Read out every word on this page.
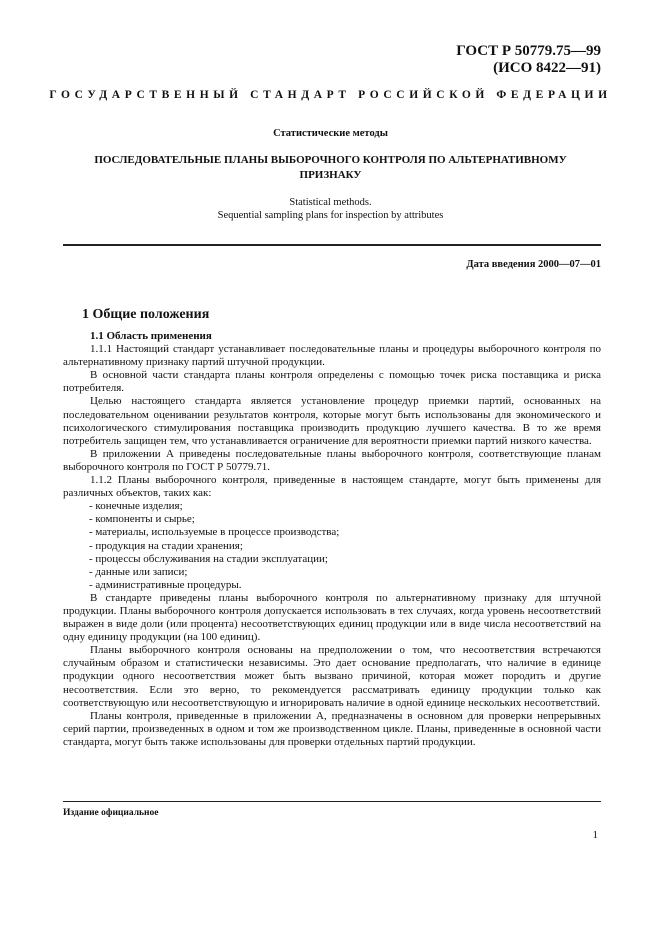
ГОСТ Р 50779.75—99
(ИСО 8422—91)
ГОСУДАРСТВЕННЫЙ СТАНДАРТ РОССИЙСКОЙ ФЕДЕРАЦИИ
Статистические методы
ПОСЛЕДОВАТЕЛЬНЫЕ ПЛАНЫ ВЫБОРОЧНОГО КОНТРОЛЯ ПО АЛЬТЕРНАТИВНОМУ ПРИЗНАКУ
Statistical methods.
Sequential sampling plans for inspection by attributes
Дата введения 2000—07—01
1 Общие положения

1.1 Область применения

1.1.1 Настоящий стандарт устанавливает последовательные планы и процедуры выборочного контроля по альтернативному признаку партий штучной продукции.

В основной части стандарта планы контроля определены с помощью точек риска поставщика и риска потребителя.

Целью настоящего стандарта является установление процедур приемки партий, основанных на последовательном оценивании результатов контроля, которые могут быть использованы для экономического и психологического стимулирования поставщика производить продукцию лучшего качества. В то же время потребитель защищен тем, что устанавливается ограничение для вероятности приемки партий низкого качества.

В приложении А приведены последовательные планы выборочного контроля, соответствующие планам выборочного контроля по ГОСТ Р 50779.71.

1.1.2 Планы выборочного контроля, приведенные в настоящем стандарте, могут быть применены для различных объектов, таких как:

- конечные изделия;
- компоненты и сырье;
- материалы, используемые в процессе производства;
- продукция на стадии хранения;
- процессы обслуживания на стадии эксплуатации;
- данные или записи;
- административные процедуры.

В стандарте приведены планы выборочного контроля по альтернативному признаку для штучной продукции. Планы выборочного контроля допускается использовать в тех случаях, когда уровень несоответствий выражен в виде доли (или процента) несоответствующих единиц продукции или в виде числа несоответствий на одну единицу продукции (на 100 единиц).

Планы выборочного контроля основаны на предположении о том, что несоответствия встречаются случайным образом и статистически независимы. Это дает основание предполагать, что наличие в единице продукции одного несоответствия может быть вызвано причиной, которая может породить и другие несоответствия. Если это верно, то рекомендуется рассматривать единицу продукции только как соответствующую или несоответствующую и игнорировать наличие в одной единице нескольких несоответствий.

Планы контроля, приведенные в приложении А, предназначены в основном для проверки непрерывных серий партии, произведенных в одном и том же производственном цикле. Планы, приведенные в основной части стандарта, могут быть также использованы для проверки отдельных партий продукции.

Издание официальное
1
